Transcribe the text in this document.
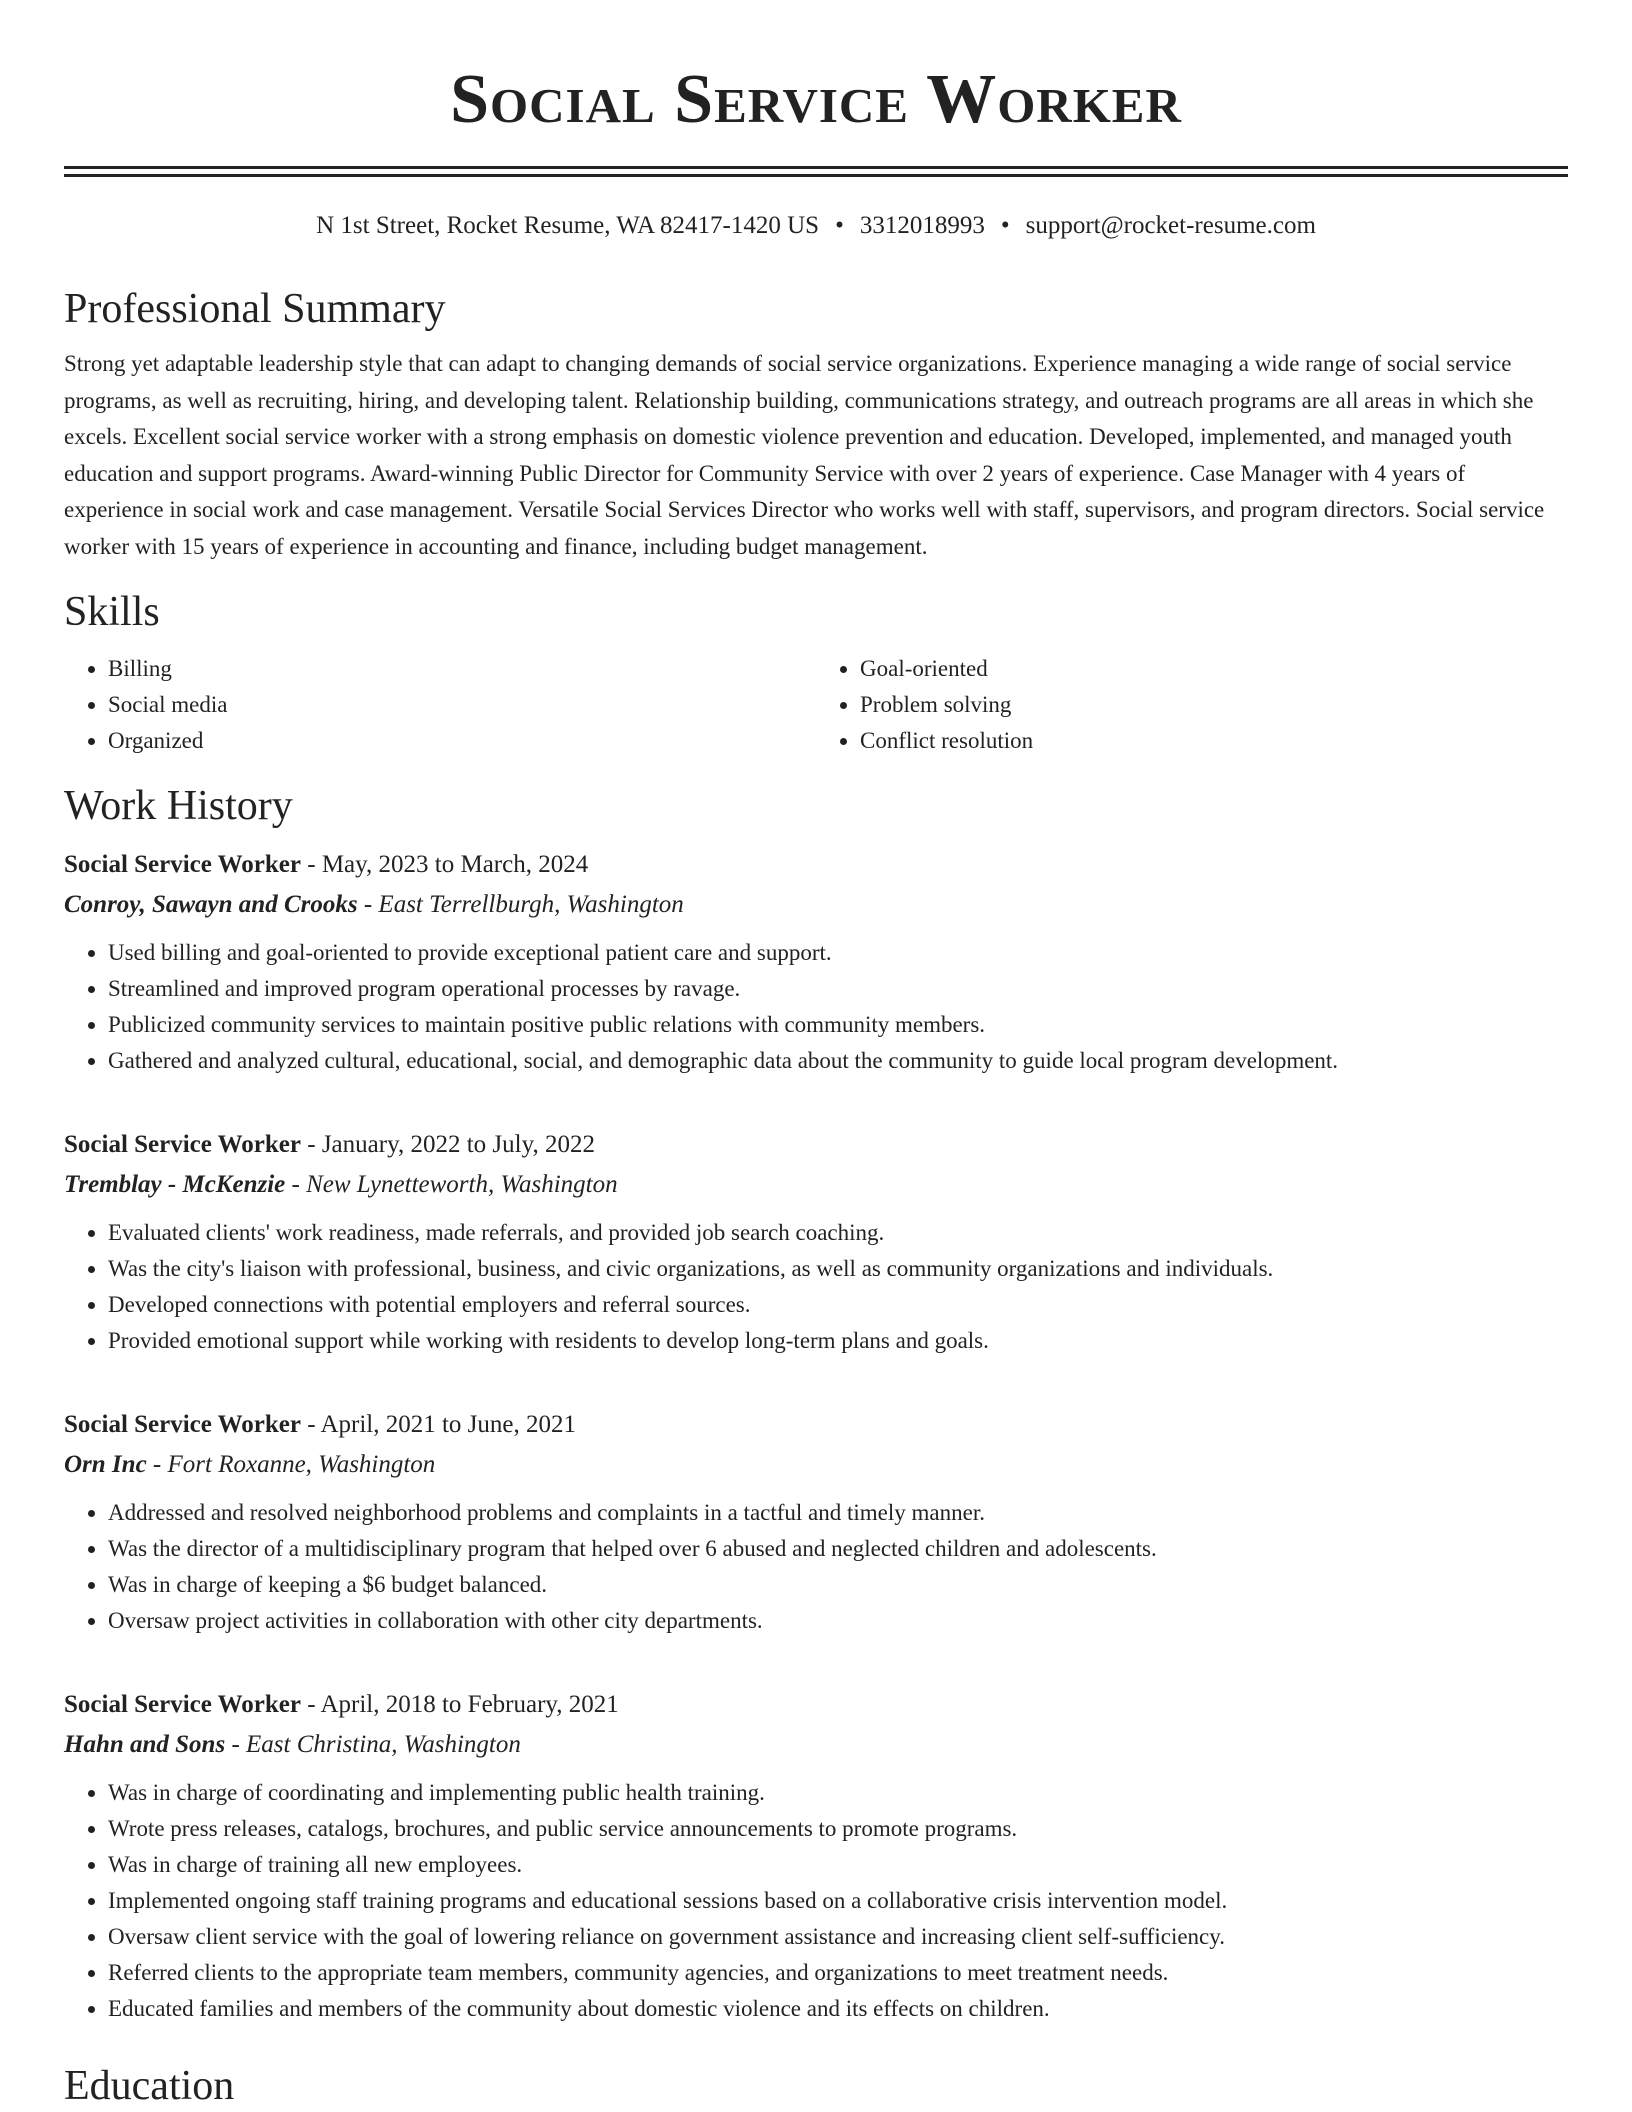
Social Service Worker
N 1st Street, Rocket Resume, WA 82417-1420 US • 3312018993 • support@rocket-resume.com
Professional Summary

Strong yet adaptable leadership style that can adapt to changing demands of social service organizations. Experience managing a wide range of social service programs, as well as recruiting, hiring, and developing talent. Relationship building, communications strategy, and outreach programs are all areas in which she excels. Excellent social service worker with a strong emphasis on domestic violence prevention and education. Developed, implemented, and managed youth education and support programs. Award-winning Public Director for Community Service with over 2 years of experience. Case Manager with 4 years of experience in social work and case management. Versatile Social Services Director who works well with staff, supervisors, and program directors. Social service worker with 15 years of experience in accounting and finance, including budget management.

Skills
• Billing
• Social media
• Organized
• Goal-oriented
• Problem solving
• Conflict resolution
Work History
Social Service Worker - May, 2023 to March, 2024
Conroy, Sawayn and Crooks - East Terrellburgh, Washington
• Used billing and goal-oriented to provide exceptional patient care and support.
• Streamlined and improved program operational processes by ravage.
• Publicized community services to maintain positive public relations with community members.
• Gathered and analyzed cultural, educational, social, and demographic data about the community to guide local program development.
Social Service Worker - January, 2022 to July, 2022
Tremblay - McKenzie - New Lynetteworth, Washington
• Evaluated clients' work readiness, made referrals, and provided job search coaching.
• Was the city's liaison with professional, business, and civic organizations, as well as community organizations and individuals.
• Developed connections with potential employers and referral sources.
• Provided emotional support while working with residents to develop long-term plans and goals.
Social Service Worker - April, 2021 to June, 2021
Orn Inc - Fort Roxanne, Washington
• Addressed and resolved neighborhood problems and complaints in a tactful and timely manner.
• Was the director of a multidisciplinary program that helped over 6 abused and neglected children and adolescents.
• Was in charge of keeping a $6 budget balanced.
• Oversaw project activities in collaboration with other city departments.
Social Service Worker - April, 2018 to February, 2021
Hahn and Sons - East Christina, Washington
• Was in charge of coordinating and implementing public health training.
• Wrote press releases, catalogs, brochures, and public service announcements to promote programs.
• Was in charge of training all new employees.
• Implemented ongoing staff training programs and educational sessions based on a collaborative crisis intervention model.
• Oversaw client service with the goal of lowering reliance on government assistance and increasing client self-sufficiency.
• Referred clients to the appropriate team members, community agencies, and organizations to meet treatment needs.
• Educated families and members of the community about domestic violence and its effects on children.
Education
